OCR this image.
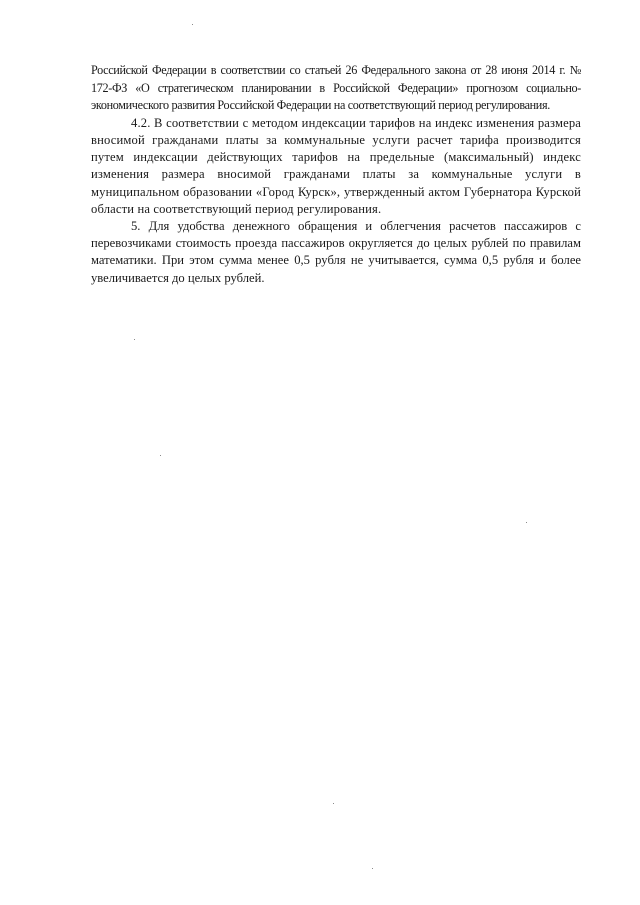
Российской Федерации в соответствии со статьей 26 Федерального закона от 28 июня 2014 г. № 172-ФЗ «О стратегическом планировании в Российской Федерации» прогнозом социально-экономического развития Российской Федерации на соответствующий период регулирования.

4.2. В соответствии с методом индексации тарифов на индекс изменения размера вносимой гражданами платы за коммунальные услуги расчет тарифа производится путем индексации действующих тарифов на предельные (максимальный) индекс изменения размера вносимой гражданами платы за коммунальные услуги в муниципальном образовании «Город Курск», утвержденный актом Губернатора Курской области на соответствующий период регулирования.

5. Для удобства денежного обращения и облегчения расчетов пассажиров с перевозчиками стоимость проезда пассажиров округляется до целых рублей по правилам математики. При этом сумма менее 0,5 рубля не учитывается, сумма 0,5 рубля и более увеличивается до целых рублей.
